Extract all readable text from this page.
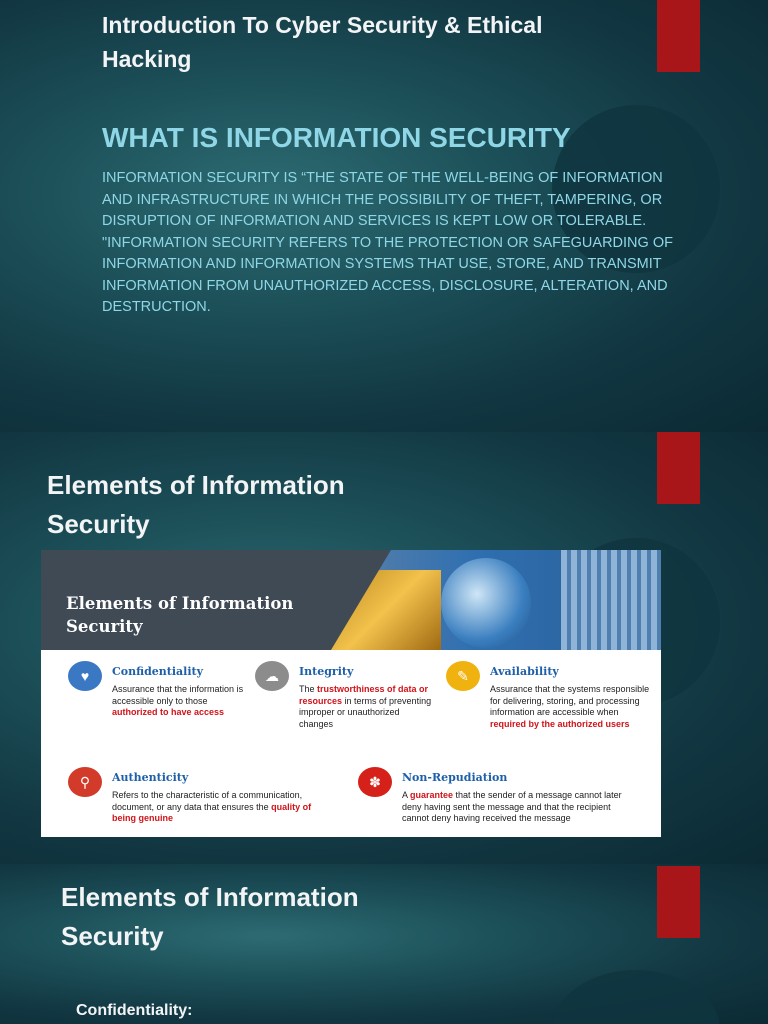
Introduction To Cyber Security & Ethical Hacking
WHAT IS INFORMATION SECURITY
INFORMATION SECURITY IS “THE STATE OF THE WELL-BEING OF INFORMATION AND INFRASTRUCTURE IN WHICH THE POSSIBILITY OF THEFT, TAMPERING, OR DISRUPTION OF INFORMATION AND SERVICES IS KEPT LOW OR TOLERABLE. "INFORMATION SECURITY REFERS TO THE PROTECTION OR SAFEGUARDING OF INFORMATION AND INFORMATION SYSTEMS THAT USE, STORE, AND TRANSMIT INFORMATION FROM UNAUTHORIZED ACCESS, DISCLOSURE, ALTERATION, AND DESTRUCTION.
Elements of Information Security
Elements of Information Security
♥	Confidentiality
Assurance that the information is accessible only to those authorized to have access
☁	Integrity
The trustworthiness of data or resources in terms of preventing improper or unauthorized changes
✎	Availability
Assurance that the systems responsible for delivering, storing, and processing information are accessible when required by the authorized users
⚲	Authenticity
Refers to the characteristic of a communication, document, or any data that ensures the quality of being genuine
✽	Non-Repudiation
A guarantee that the sender of a message cannot later deny having sent the message and that the recipient cannot deny having received the message
Elements of Information Security
Confidentiality:
